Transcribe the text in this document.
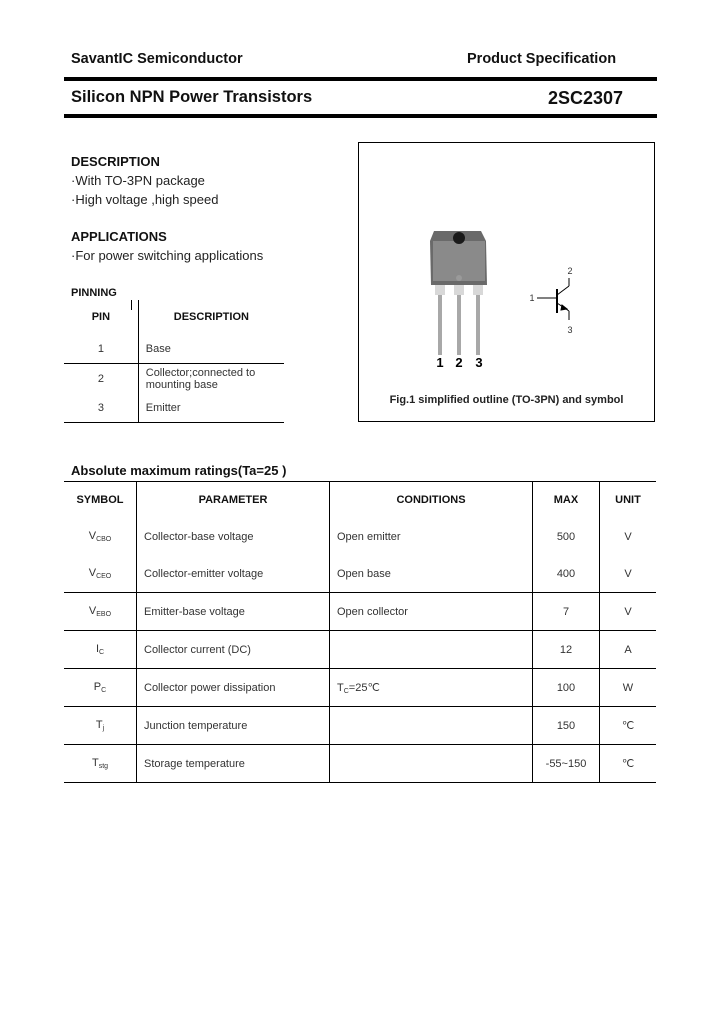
SavantIC Semiconductor	Product Specification
Silicon NPN Power Transistors	2SC2307
DESCRIPTION
·With TO-3PN package
·High voltage ,high speed
APPLICATIONS
·For power switching applications
PINNING
PIN	DESCRIPTION
1	Base
2	Collector;connected to mounting base

3	Emitter
1 2 3
2
1
3
Fig.1 simplified outline (TO-3PN) and symbol
Absolute maximum ratings(Ta=25 )
SYMBOL	PARAMETER	CONDITIONS	MAX	UNIT
$V_{CBO}$	Collector-base voltage	Open emitter	500	V
$V_{CEO}$	Collector-emitter voltage	Open base	400	V
$V_{EBO}$	Emitter-base voltage	Open collector	7	V
$I_C$	Collector current (DC)		12	A
$P_C$	Collector power dissipation	$T_C=25℃$	100	W
$T_j$	Junction temperature		150	℃
$T_{stg}$	Storage temperature		-55~150	℃
